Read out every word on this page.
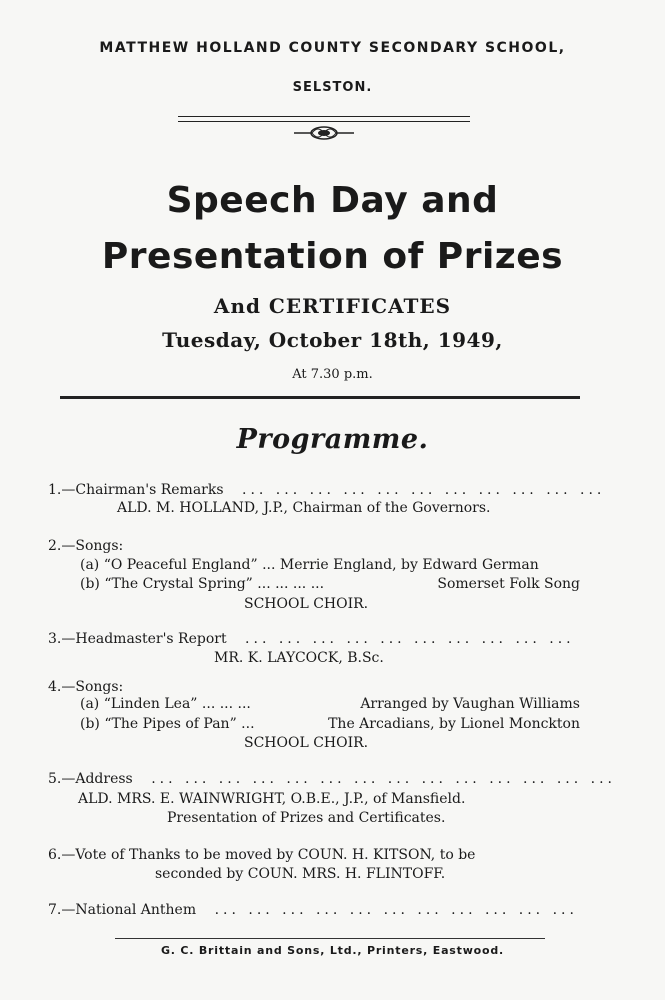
MATTHEW HOLLAND COUNTY SECONDARY SCHOOL,
SELSTON.
Speech Day and
Presentation of Prizes
And CERTIFICATES
Tuesday, October 18th, 1949,
At 7.30 p.m.
Programme.
1.—Chairman's Remarks ... ... ... ... ... ... ... ... ... ... ...
ALD. M. HOLLAND, J.P., Chairman of the Governors.
2.—Songs:
(a) “O Peaceful England” ... Merrie England, by Edward German
(b) “The Crystal Spring” ... ... ... ...	Somerset Folk Song
SCHOOL CHOIR.
3.—Headmaster's Report ... ... ... ... ... ... ... ... ... ...
MR. K. LAYCOCK, B.Sc.
4.—Songs:
(a) “Linden Lea” ... ... ...	Arranged by Vaughan Williams
(b) “The Pipes of Pan” ...	The Arcadians, by Lionel Monckton
SCHOOL CHOIR.
5.—Address ... ... ... ... ... ... ... ... ... ... ... ... ... ...
ALD. MRS. E. WAINWRIGHT, O.B.E., J.P., of Mansfield.
Presentation of Prizes and Certificates.
6.—Vote of Thanks to be moved by COUN. H. KITSON, to be
seconded by COUN. MRS. H. FLINTOFF.
7.—National Anthem ... ... ... ... ... ... ... ... ... ... ...
G. C. Brittain and Sons, Ltd., Printers, Eastwood.
